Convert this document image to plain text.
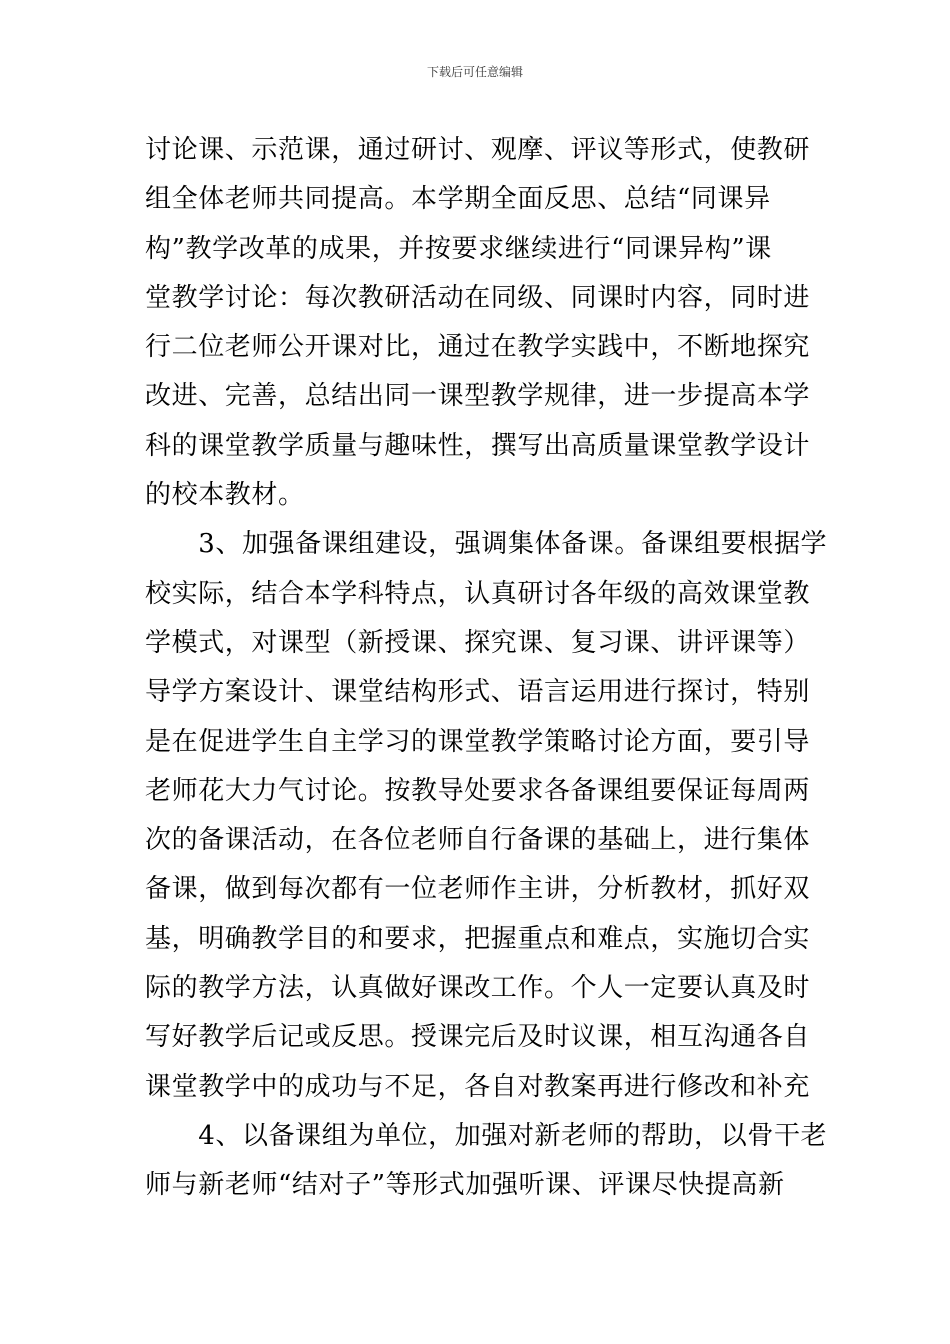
下载后可任意编辑
讨论课、示范课，通过研讨、观摩、评议等形式，使教研
组全体老师共同提高。本学期全面反思、总结“同课异
构”教学改革的成果，并按要求继续进行“同课异构”课
堂教学讨论：每次教研活动在同级、同课时内容，同时进
行二位老师公开课对比，通过在教学实践中，不断地探究
改进、完善，总结出同一课型教学规律，进一步提高本学
科的课堂教学质量与趣味性，撰写出高质量课堂教学设计
的校本教材。
　　3、加强备课组建设，强调集体备课。备课组要根据学
校实际，结合本学科特点，认真研讨各年级的高效课堂教
学模式，对课型（新授课、探究课、复习课、讲评课等）
导学方案设计、课堂结构形式、语言运用进行探讨，特别
是在促进学生自主学习的课堂教学策略讨论方面，要引导
老师花大力气讨论。按教导处要求各备课组要保证每周两
次的备课活动，在各位老师自行备课的基础上，进行集体
备课，做到每次都有一位老师作主讲，分析教材，抓好双
基，明确教学目的和要求，把握重点和难点，实施切合实
际的教学方法，认真做好课改工作。个人一定要认真及时
写好教学后记或反思。授课完后及时议课，相互沟通各自
课堂教学中的成功与不足，各自对教案再进行修改和补充
　　4、以备课组为单位，加强对新老师的帮助，以骨干老
师与新老师“结对子”等形式加强听课、评课尽快提高新
